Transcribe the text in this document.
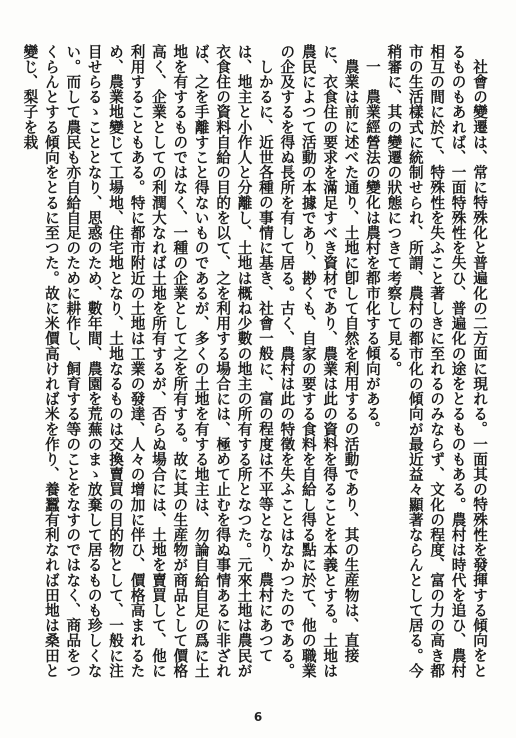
社會の變遷は、常に特殊化と普遍化の二方面に現れる。一面其の特殊性を發揮する傾向をとるものもあれば、一面特殊性を失ひ、普遍化の途をとるものもある。農村は時代を追ひ、農村相互の間に於て、特殊性を失ふこと著しきに至れるのみならず、文化の程度、富の力の高き都市の生活樣式に統制せられ、所謂、農村の都市化の傾向が最近益々顯著ならんとして居る。今稍審に、其の變遷の狀態につきて考察して見る。

一　農業經營法の變化は農村を都市化する傾向がある。

農業は前に述べた通り、土地に卽して自然を利用するの活動であり、其の生産物は、直接に、衣食住の要求を滿足すべき資材であり、農業は此の資料を得ることを本義とする。土地は農民によつて活動の本據であり、尠くも、自家の要する食料を自給し得る點に於て、他の職業の企及するを得ぬ長所を有して居る。古く、農村は此の特徵を失ふことはなかつたのである。

しかるに、近世各種の事情に基き、社會一般に、富の程度は不平等となり、農村にあつては、地主と小作人と分離し、土地は概ね少數の地主の所有する所となつた。元來土地は農民が衣食住の資料自給の目的を以て、之を利用する場合には、極めて止むを得ぬ事情あるに非ざれば、之を手離すこと得ないものであるが、多くの土地を有する地主は、勿論自給自足の爲に土地を有するものではなく、一種の企業として之を所有する。故に其の生産物が商品として價格高く、企業としての利潤大なれば土地を所有するが、否らぬ場合には、土地を賣買して、他に利用することもある。特に都市附近の土地は工業の發達、人々の增加に伴ひ、價格高まれるため、農業地變じて工場地、住宅地となり、土地なるものは交換賣買の目的物として、一般に注目せらるゝこととなり、思惑のため、數年間、農園を荒蕪のまゝ放棄して居るものも珍しくない。而して農民も亦自給自足のために耕作し、飼育する等のことをなすのではなく、商品をつくらんとする傾向をとるに至つた。故に米價高ければ米を作り、養蠶有利なれば田地は桑田と變じ、梨子を栽

6
